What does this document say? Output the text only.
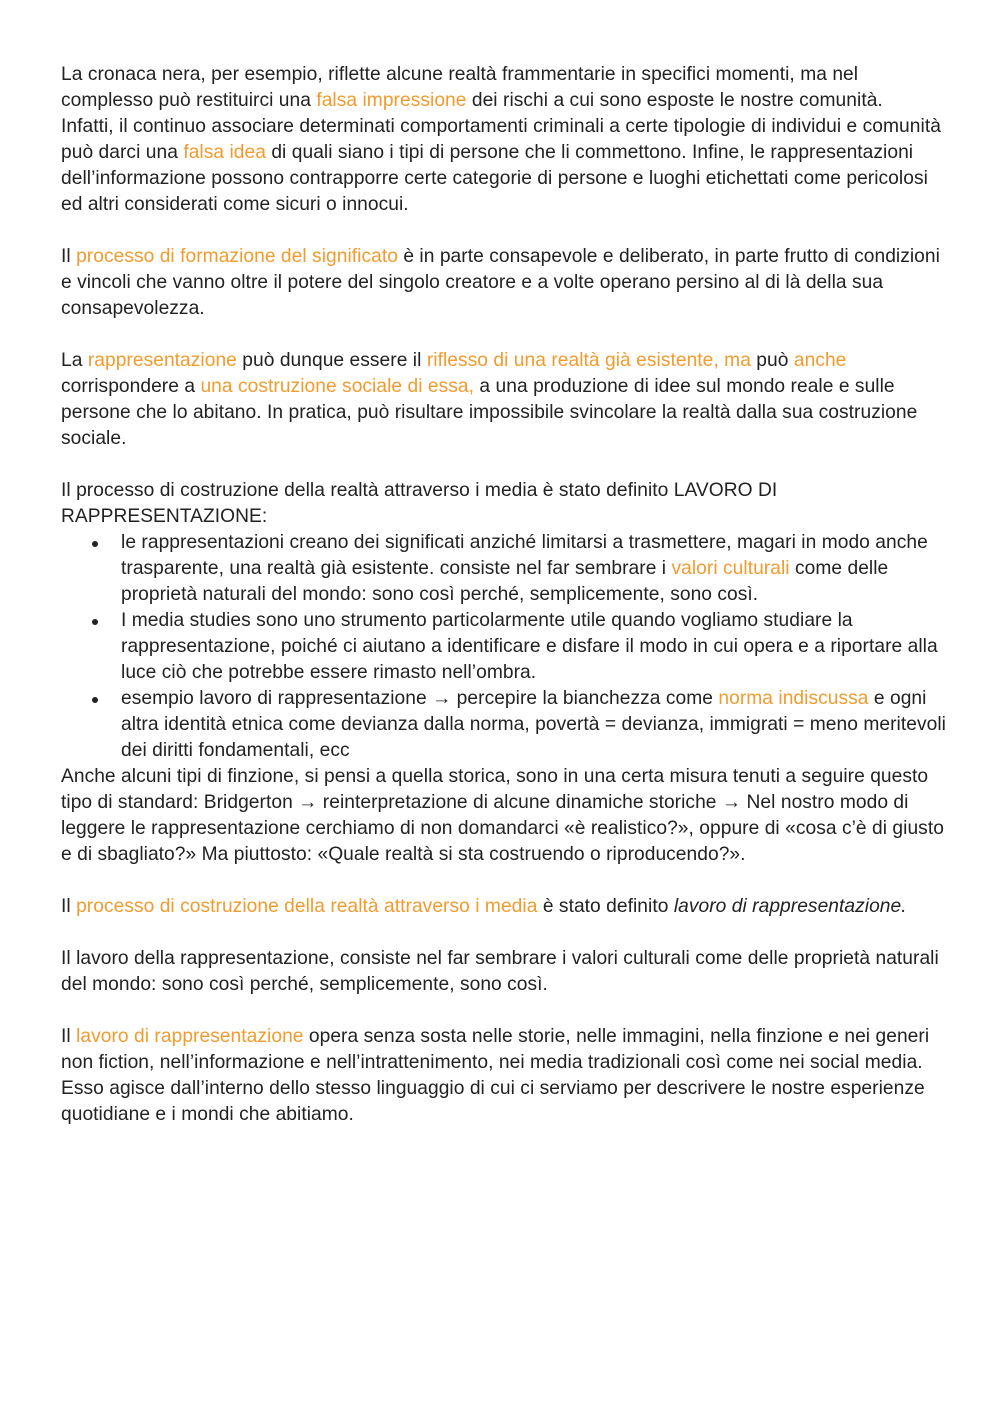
La cronaca nera, per esempio, riflette alcune realtà frammentarie in specifici momenti, ma nel complesso può restituirci una falsa impressione dei rischi a cui sono esposte le nostre comunità.

Infatti, il continuo associare determinati comportamenti criminali a certe tipologie di individui e comunità può darci una falsa idea di quali siano i tipi di persone che li commettono. Infine, le rappresentazioni dell’informazione possono contrapporre certe categorie di persone e luoghi etichettati come pericolosi ed altri considerati come sicuri o innocui.

Il processo di formazione del significato è in parte consapevole e deliberato, in parte frutto di condizioni e vincoli che vanno oltre il potere del singolo creatore e a volte operano persino al di là della sua consapevolezza.

La rappresentazione può dunque essere il riflesso di una realtà già esistente, ma può anche corrispondere a una costruzione sociale di essa, a una produzione di idee sul mondo reale e sulle persone che lo abitano. In pratica, può risultare impossibile svincolare la realtà dalla sua costruzione sociale.

Il processo di costruzione della realtà attraverso i media è stato definito LAVORO DI RAPPRESENTAZIONE:

le rappresentazioni creano dei significati anziché limitarsi a trasmettere, magari in modo anche trasparente, una realtà già esistente. consiste nel far sembrare i valori culturali come delle proprietà naturali del mondo: sono così perché, semplicemente, sono così.
I media studies sono uno strumento particolarmente utile quando vogliamo studiare la rappresentazione, poiché ci aiutano a identificare e disfare il modo in cui opera e a riportare alla luce ciò che potrebbe essere rimasto nell’ombra.
esempio lavoro di rappresentazione → percepire la bianchezza come norma indiscussa e ogni altra identità etnica come devianza dalla norma, povertà = devianza, immigrati = meno meritevoli dei diritti fondamentali, ecc

Anche alcuni tipi di finzione, si pensi a quella storica, sono in una certa misura tenuti a seguire questo tipo di standard: Bridgerton → reinterpretazione di alcune dinamiche storiche → Nel nostro modo di leggere le rappresentazione cerchiamo di non domandarci «è realistico?», oppure di «cosa c’è di giusto e di sbagliato?» Ma piuttosto: «Quale realtà si sta costruendo o riproducendo?».

Il processo di costruzione della realtà attraverso i media è stato definito lavoro di rappresentazione.

Il lavoro della rappresentazione, consiste nel far sembrare i valori culturali come delle proprietà naturali del mondo: sono così perché, semplicemente, sono così.

Il lavoro di rappresentazione opera senza sosta nelle storie, nelle immagini, nella finzione e nei generi non fiction, nell’informazione e nell’intrattenimento, nei media tradizionali così come nei social media. Esso agisce dall’interno dello stesso linguaggio di cui ci serviamo per descrivere le nostre esperienze quotidiane e i mondi che abitiamo.
